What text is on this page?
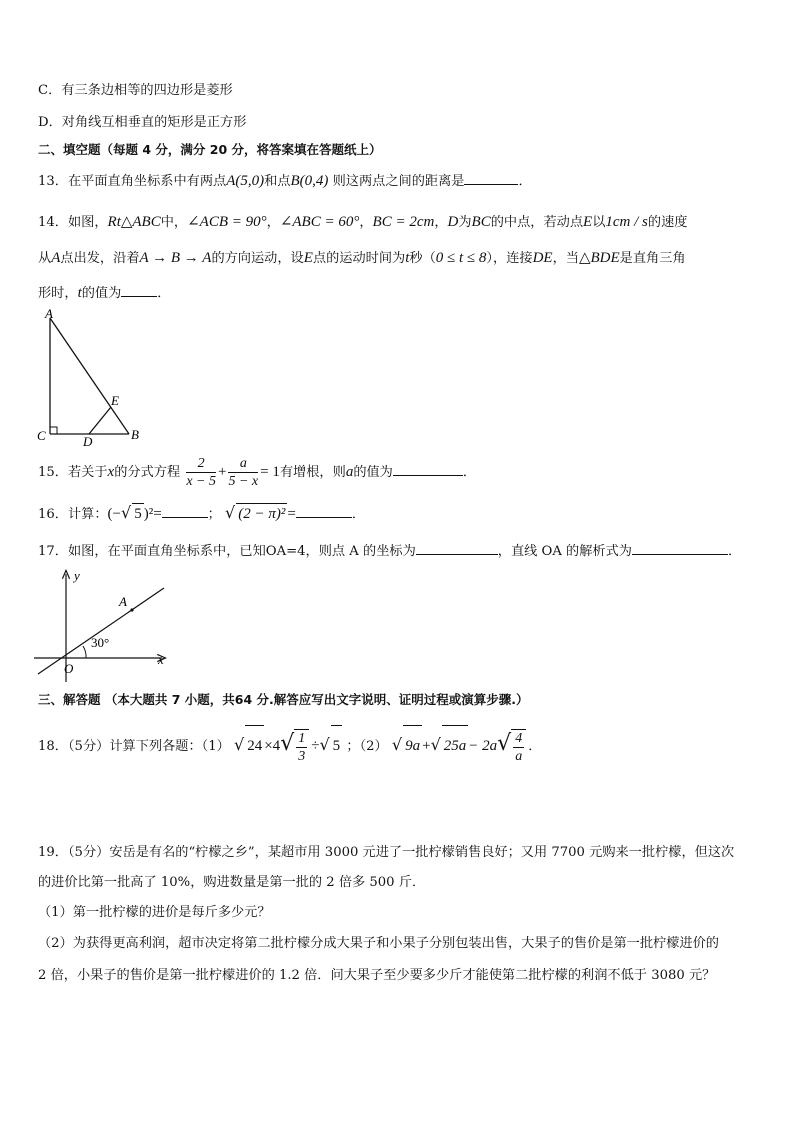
C．有三条边相等的四边形是菱形
D．对角线互相垂直的矩形是正方形
二、填空题（每题 4 分，满分 20 分，将答案填在答题纸上）
13．在平面直角坐标系中有两点A(5,0)和点B(0,4) 则这两点之间的距离是	．
14．如图，Rt△ABC中，∠ACB = 90°，∠ABC = 60°，BC = 2cm，D为BC的中点，若动点E以1cm / s的速度
从A点出发，沿着A → B → A的方向运动，设E点的运动时间为t秒（0 ≤ t ≤ 8），连接DE，当△BDE是直角三角
形时，t的值为	．
A
B
C	D
E
15．若关于x的分式方程 $\frac{2}{x - 5} + \frac{a}{5 - x} = 1$有增根，则a的值为	．
16．计算：(−√ 5 )²=	； √ (2 − π)² =	．
17．如图，在平面直角坐标系中，已知OA=4，则点 A 的坐标为	，直线 OA 的解析式为	．
y
x
O
A
30°
三、解答题 （本大题共 7 小题，共64 分.解答应写出文字说明、证明过程或演算步骤.）
18．（5分）计算下列各题：（1） √ $24 \times 4√ \frac{1}{3}$ ÷√ 5 ；（2） √ 9a +√ $25a - 2a√ \frac{4}{a}$ ．
19．（5分）安岳是有名的“柠檬之乡”，某超市用 3000 元进了一批柠檬销售良好；又用 7700 元购来一批柠檬，但这次
的进价比第一批高了 10%，购进数量是第一批的 2 倍多 500 斤．
（1）第一批柠檬的进价是每斤多少元？
（2）为获得更高利润，超市决定将第二批柠檬分成大果子和小果子分别包装出售，大果子的售价是第一批柠檬进价的
2 倍，小果子的售价是第一批柠檬进价的 1.2 倍．问大果子至少要多少斤才能使第二批柠檬的利润不低于 3080 元？
